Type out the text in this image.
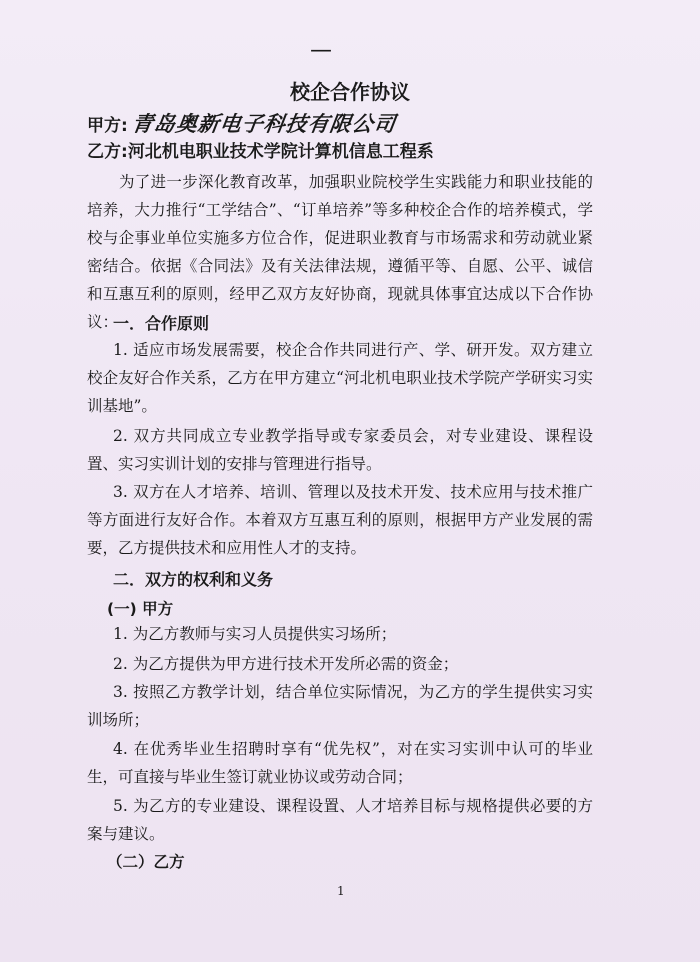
—
校企合作协议
甲方: 青岛奥新电子科技有限公司
乙方:河北机电职业技术学院计算机信息工程系
为了进一步深化教育改革，加强职业院校学生实践能力和职业技能的培养，大力推行“工学结合”、“订单培养”等多种校企合作的培养模式，学校与企事业单位实施多方位合作，促进职业教育与市场需求和劳动就业紧密结合。依据《合同法》及有关法律法规，遵循平等、自愿、公平、诚信和互惠互利的原则，经甲乙双方友好协商，现就具体事宜达成以下合作协议：
一．合作原则
1. 适应市场发展需要，校企合作共同进行产、学、研开发。双方建立校企友好合作关系，乙方在甲方建立“河北机电职业技术学院产学研实习实训基地”。
2. 双方共同成立专业教学指导或专家委员会，对专业建设、课程设置、实习实训计划的安排与管理进行指导。
3. 双方在人才培养、培训、管理以及技术开发、技术应用与技术推广等方面进行友好合作。本着双方互惠互利的原则，根据甲方产业发展的需要，乙方提供技术和应用性人才的支持。
二．双方的权利和义务
(一) 甲方
1. 为乙方教师与实习人员提供实习场所；
2. 为乙方提供为甲方进行技术开发所必需的资金；
3. 按照乙方教学计划，结合单位实际情况，为乙方的学生提供实习实训场所；
4. 在优秀毕业生招聘时享有“优先权”，对在实习实训中认可的毕业生，可直接与毕业生签订就业协议或劳动合同；
5. 为乙方的专业建设、课程设置、人才培养目标与规格提供必要的方案与建议。
（二）乙方
1
